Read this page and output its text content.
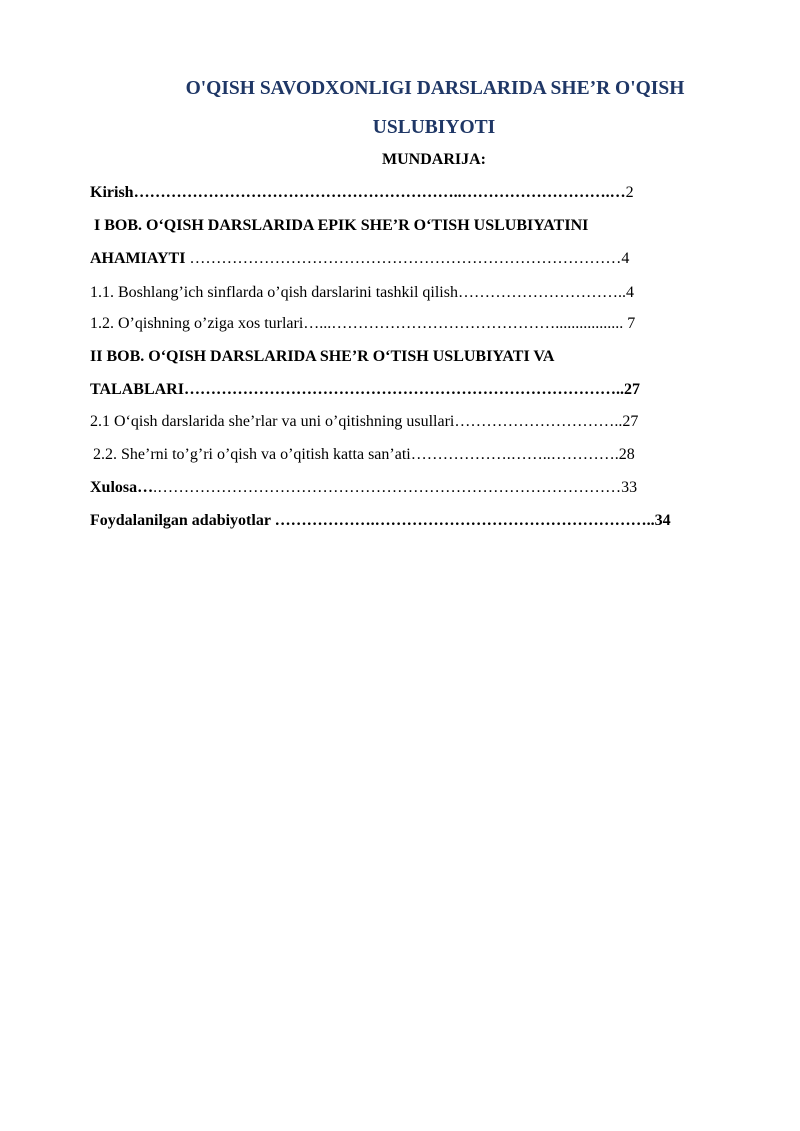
O'QISH SAVODXONLIGI DARSLARIDA SHE’R O'QISH
USLUBIYOTI
MUNDARIJA:
Kirish……………………………………………………..……………………….…2
I BOB. O‘QISH DARSLARIDA EPIK SHE’R O‘TISH USLUBIYATINI
AHAMIAYTI ………………………………………………………………………4
1.1. Boshlang’ich sinflarda o’qish darslarini tashkil qilish…………………………..4
1.2. O’qishning o’ziga xos turlari…...……………………………………................. 7
II BOB. O‘QISH DARSLARIDA SHE’R O‘TISH USLUBIYATI VA
TALABLARI………………………………………………………………………..27
2.1 O‘qish darslarida she’rlar va uni o’qitishning usullari…………………………..27
2.2. She’rni to’g’ri o’qish va o’qitish katta san’ati……………….……..………….28
Xulosa….……………………………………………………………………………33
Foydalanilgan adabiyotlar ……………….……………………………………………..34
